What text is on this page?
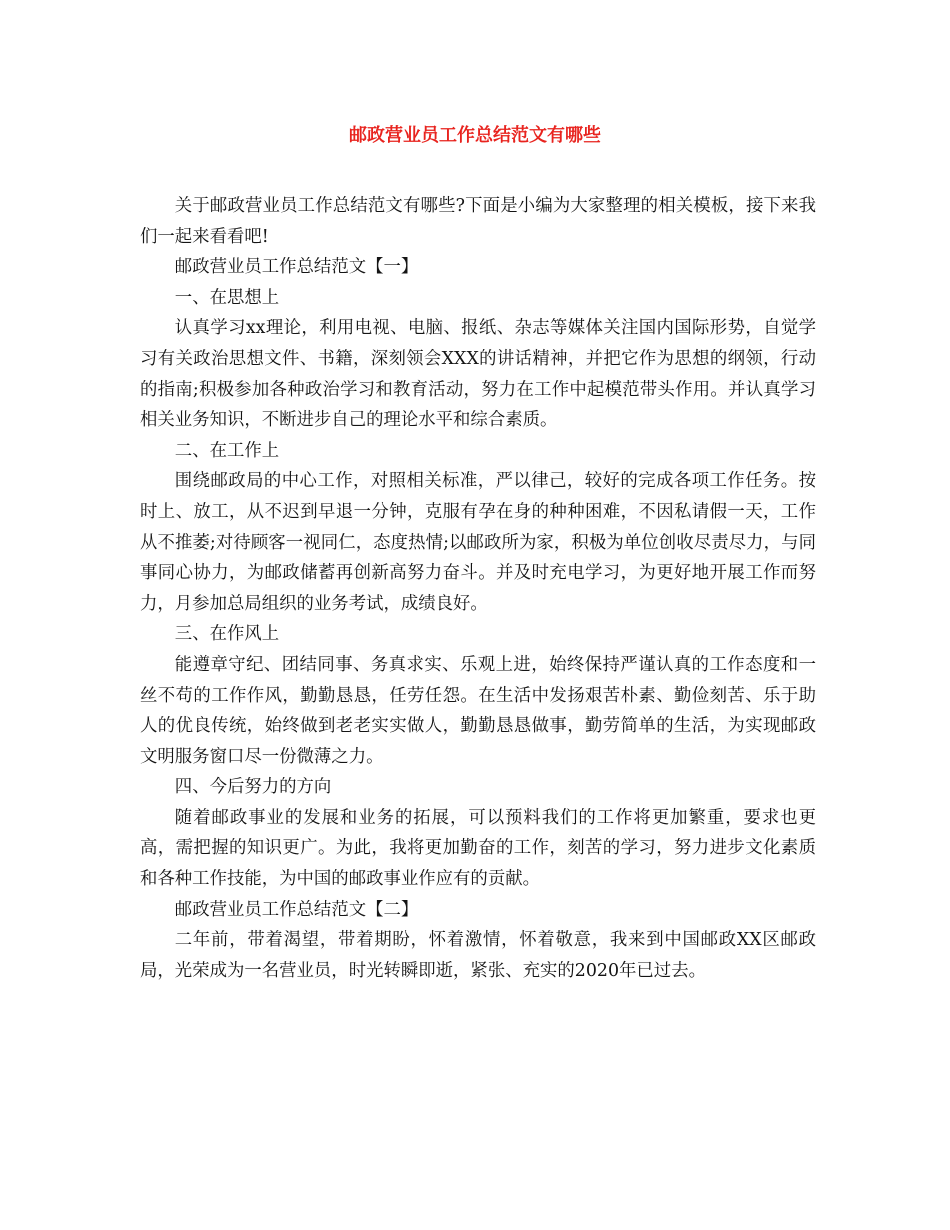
邮政营业员工作总结范文有哪些

关于邮政营业员工作总结范文有哪些?下面是小编为大家整理的相关模板，接下来我们一起来看看吧!

邮政营业员工作总结范文【一】

一、在思想上

认真学习xx理论，利用电视、电脑、报纸、杂志等媒体关注国内国际形势，自觉学习有关政治思想文件、书籍，深刻领会XXX的讲话精神，并把它作为思想的纲领，行动的指南;积极参加各种政治学习和教育活动，努力在工作中起模范带头作用。并认真学习相关业务知识，不断进步自己的理论水平和综合素质。

二、在工作上

围绕邮政局的中心工作，对照相关标准，严以律己，较好的完成各项工作任务。按时上、放工，从不迟到早退一分钟，克服有孕在身的种种困难，不因私请假一天，工作从不推萎;对待顾客一视同仁，态度热情;以邮政所为家，积极为单位创收尽责尽力，与同事同心协力，为邮政储蓄再创新高努力奋斗。并及时充电学习，为更好地开展工作而努力，月参加总局组织的业务考试，成绩良好。

三、在作风上

能遵章守纪、团结同事、务真求实、乐观上进，始终保持严谨认真的工作态度和一丝不苟的工作作风，勤勤恳恳，任劳任怨。在生活中发扬艰苦朴素、勤俭刻苦、乐于助人的优良传统，始终做到老老实实做人，勤勤恳恳做事，勤劳简单的生活，为实现邮政文明服务窗口尽一份微薄之力。

四、今后努力的方向

随着邮政事业的发展和业务的拓展，可以预料我们的工作将更加繁重，要求也更高，需把握的知识更广。为此，我将更加勤奋的工作，刻苦的学习，努力进步文化素质和各种工作技能，为中国的邮政事业作应有的贡献。

邮政营业员工作总结范文【二】

二年前，带着渴望，带着期盼，怀着激情，怀着敬意，我来到中国邮政XX区邮政局，光荣成为一名营业员，时光转瞬即逝，紧张、充实的2020年已过去。
